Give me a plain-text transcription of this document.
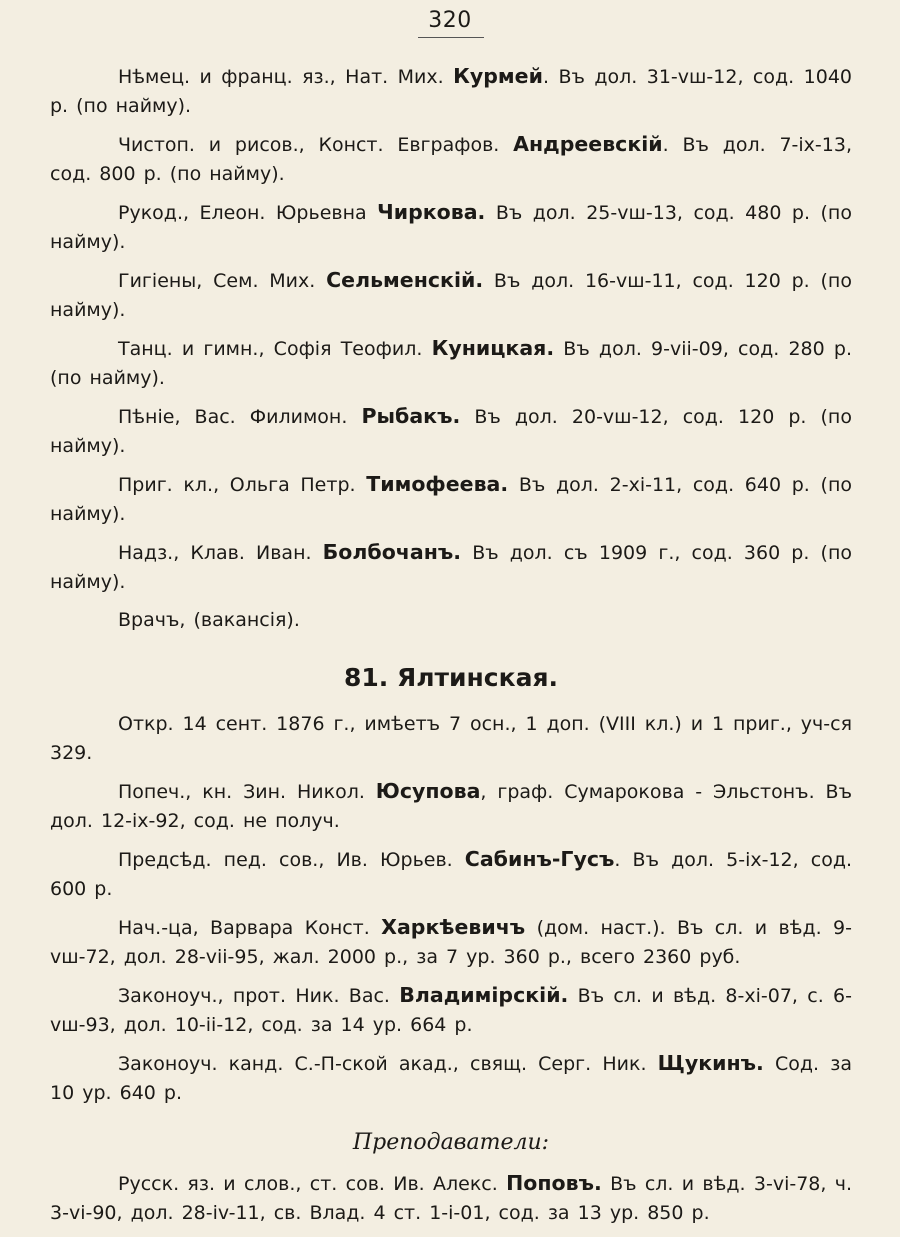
320

Нѣмец. и франц. яз., Нат. Мих. Курмей. Въ дол. 31-vш-12, сод. 1040 р. (по найму).

Чистоп. и рисов., Конст. Евграфов. Андреевскій. Въ дол. 7-ix-13, сод. 800 р. (по найму).

Рукод., Елеон. Юрьевна Чиркова. Въ дол. 25-vш-13, сод. 480 р. (по найму).

Гигіены, Сем. Мих. Сельменскій. Въ дол. 16-vш-11, сод. 120 р. (по найму).

Танц. и гимн., Софія Теофил. Куницкая. Въ дол. 9-vii-09, сод. 280 р. (по найму).

Пѣніе, Вас. Филимон. Рыбакъ. Въ дол. 20-vш-12, сод. 120 р. (по найму).

Приг. кл., Ольга Петр. Тимофеева. Въ дол. 2-xi-11, сод. 640 р. (по найму).

Надз., Клав. Иван. Болбочанъ. Въ дол. съ 1909 г., сод. 360 р. (по найму).

Врачъ, (вакансія).

81. Ялтинская.

Откр. 14 сент. 1876 г., имѣетъ 7 осн., 1 доп. (VIII кл.) и 1 приг., уч-ся 329.

Попеч., кн. Зин. Никол. Юсупова, граф. Сумарокова - Эльстонъ. Въ дол. 12-ix-92, сод. не получ.

Предсѣд. пед. сов., Ив. Юрьев. Сабинъ-Гусъ. Въ дол. 5-ix-12, сод. 600 р.

Нач.-ца, Варвара Конст. Харкѣевичъ (дом. наст.). Въ сл. и вѣд. 9-vш-72, дол. 28-vii-95, жал. 2000 р., за 7 ур. 360 р., всего 2360 руб.

Законоуч., прот. Ник. Вас. Владимірскій. Въ сл. и вѣд. 8-xi-07, с. 6-vш-93, дол. 10-ii-12, сод. за 14 ур. 664 р.

Законоуч. канд. С.-П-ской акад., свящ. Серг. Ник. Щукинъ. Сод. за 10 ур. 640 р.

Преподаватели:

Русск. яз. и слов., ст. сов. Ив. Алекс. Поповъ. Въ сл. и вѣд. 3-vi-78, ч. 3-vi-90, дол. 28-iv-11, св. Влад. 4 ст. 1-i-01, сод. за 13 ур. 850 р.
